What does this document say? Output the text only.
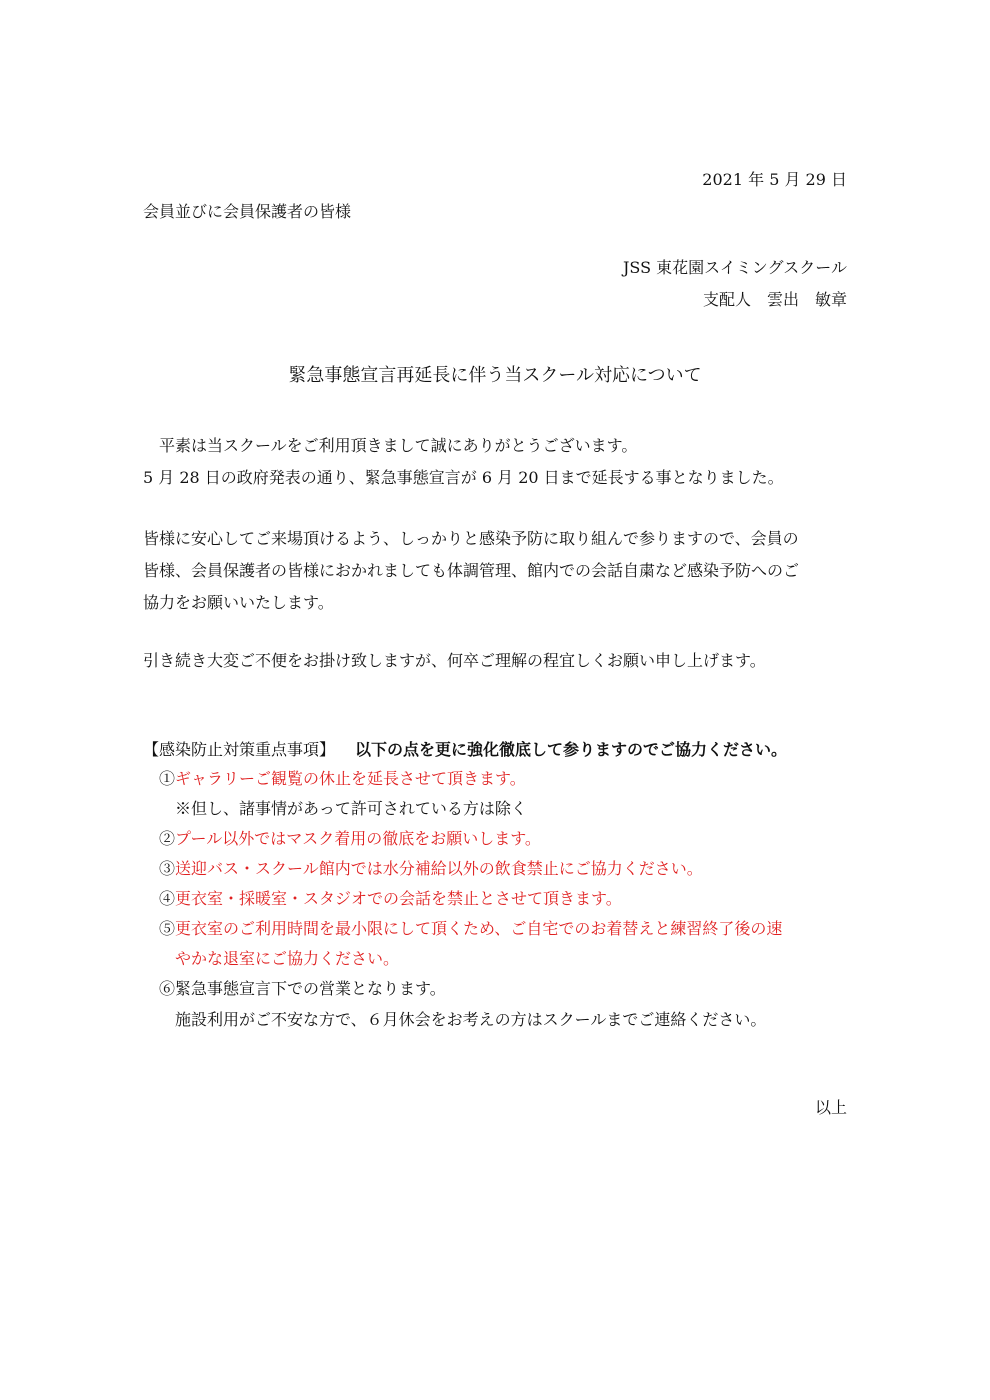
2021 年 5 月 29 日

会員並びに会員保護者の皆様

JSS 東花園スイミングスクール

支配人　雲出　敏章

緊急事態宣言再延長に伴う当スクール対応について

平素は当スクールをご利用頂きまして誠にありがとうございます。

5 月 28 日の政府発表の通り、緊急事態宣言が 6 月 20 日まで延長する事となりました。

皆様に安心してご来場頂けるよう、しっかりと感染予防に取り組んで参りますので、会員の

皆様、会員保護者の皆様におかれましても体調管理、館内での会話自粛など感染予防へのご

協力をお願いいたします。

引き続き大変ご不便をお掛け致しますが、何卒ご理解の程宜しくお願い申し上げます。

【感染防止対策重点事項】 以下の点を更に強化徹底して参りますのでご協力ください。

①ギャラリーご観覧の休止を延長させて頂きます。

※但し、諸事情があって許可されている方は除く

②プール以外ではマスク着用の徹底をお願いします。

③送迎バス・スクール館内では水分補給以外の飲食禁止にご協力ください。

④更衣室・採暖室・スタジオでの会話を禁止とさせて頂きます。

⑤更衣室のご利用時間を最小限にして頂くため、ご自宅でのお着替えと練習終了後の速

やかな退室にご協力ください。

⑥緊急事態宣言下での営業となります。

施設利用がご不安な方で、６月休会をお考えの方はスクールまでご連絡ください。

以上
